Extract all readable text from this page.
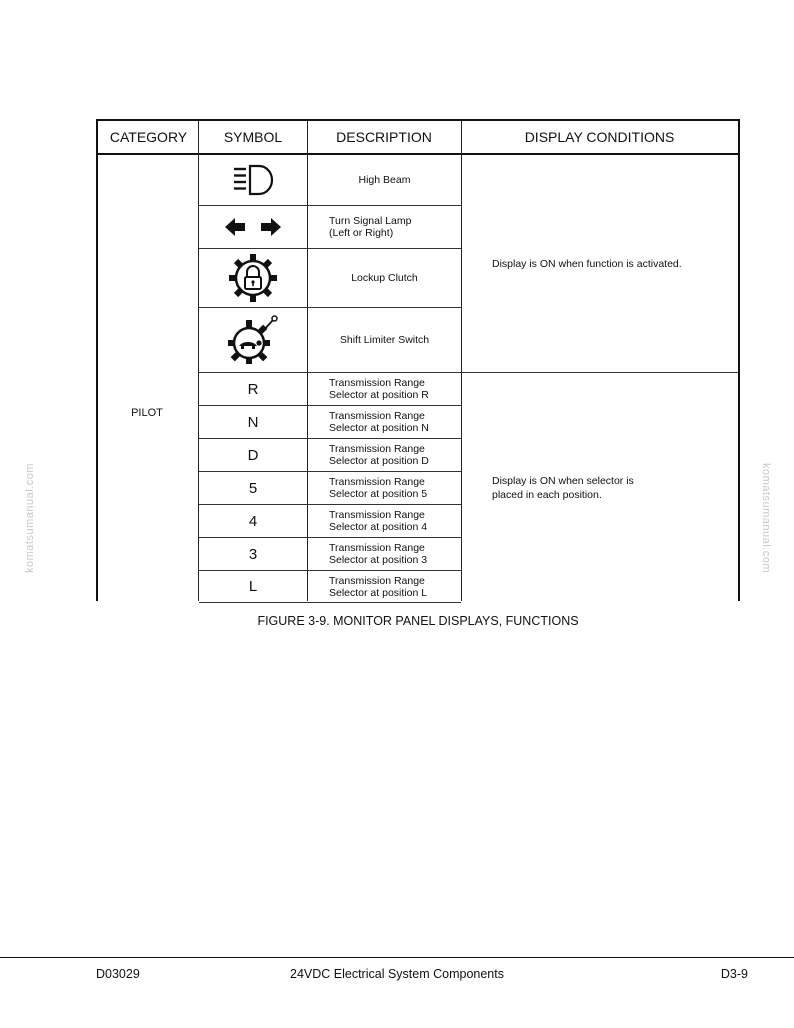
komatsumanual.com	komatsumanual.com
CATEGORY	SYMBOL	DESCRIPTION	DISPLAY CONDITIONS
PILOT
High Beam
Turn Signal Lamp
(Left or Right)
Lockup Clutch
Shift Limiter Switch
Display is ON when function is activated.
R	Transmission Range
Selector at position R
N	Transmission Range
Selector at position N
D	Transmission Range
Selector at position D
5	Transmission Range
Selector at position 5
4	Transmission Range
Selector at position 4
3	Transmission Range
Selector at position 3
L	Transmission Range
Selector at position L
Display is ON when selector is
placed in each position.
FIGURE 3-9. MONITOR PANEL DISPLAYS, FUNCTIONS
D03029	24VDC Electrical System Components	D3-9
